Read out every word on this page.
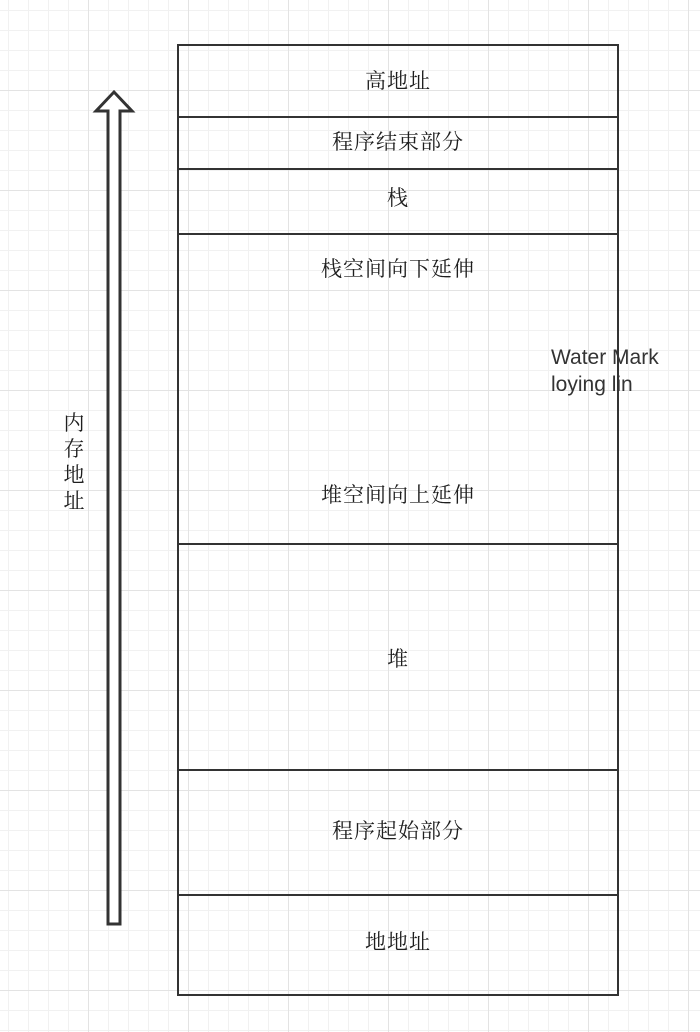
内
存
地
址
高地址
程序结束部分
栈
栈空间向下延伸
堆空间向上延伸
堆
程序起始部分
地地址
Water Mark
loying lin
